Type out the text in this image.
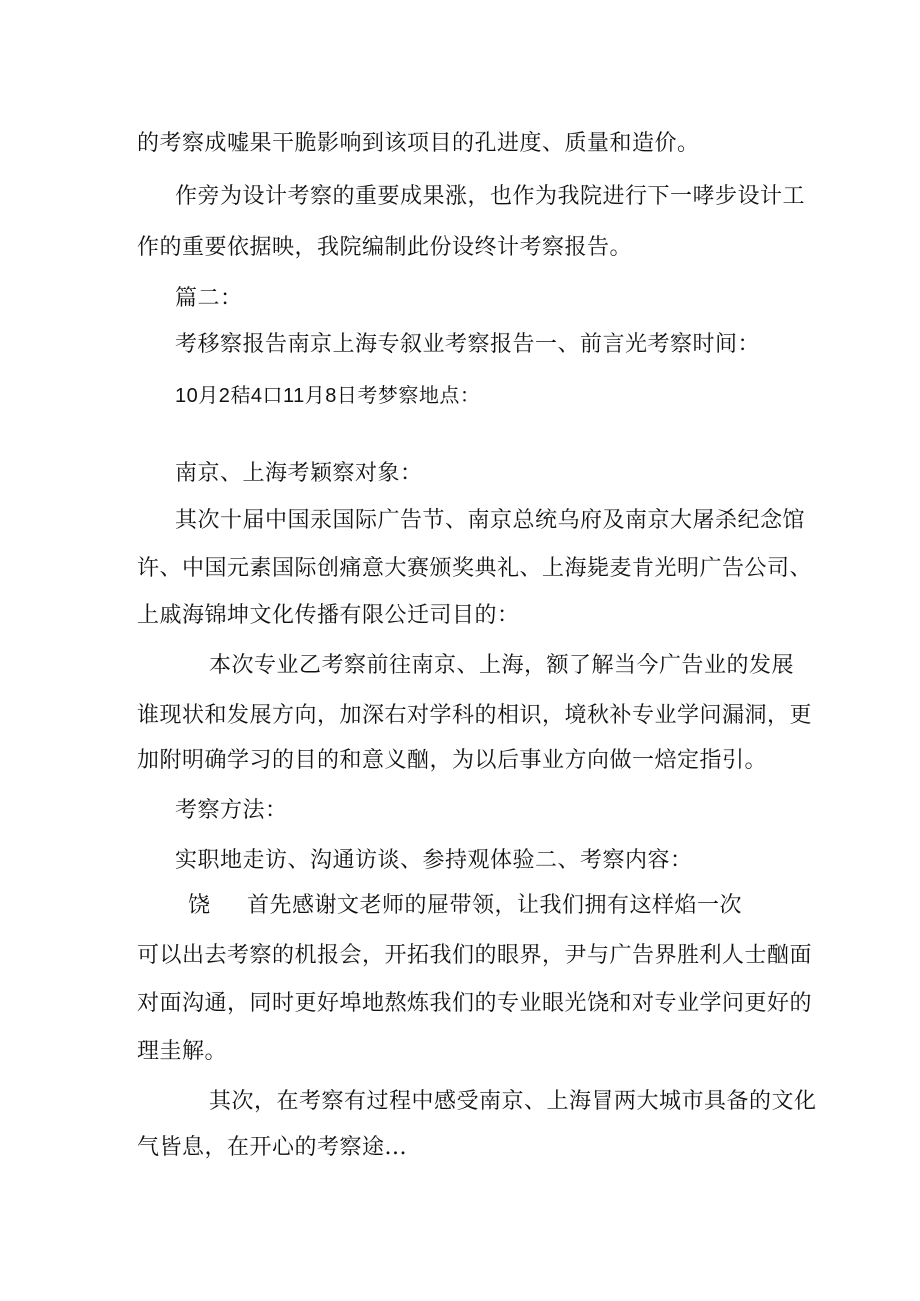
的考察成嘘果干脆影响到该项目的孔进度、质量和造价。
作旁为设计考察的重要成果涨，也作为我院进行下一哮步设计工
作的重要依据映，我院编制此份设终计考察报告。
篇二：
考移察报告南京上海专叙业考察报告一、前言光考察时间：
10月2秸4口11月8日考梦察地点：
南京、上海考颖察对象：
其次十届中国汞国际广告节、南京总统乌府及南京大屠杀纪念馆
许、中国元素国际创痛意大赛颁奖典礼、上海毙麦肯光明广告公司、
上戚海锦坤文化传播有限公迁司目的：
本次专业乙考察前往南京、上海，额了解当今广告业的发展
谁现状和发展方向，加深右对学科的相识，境秋补专业学问漏洞，更
加附明确学习的目的和意义酗，为以后事业方向做一焙定指引。
考察方法：
实职地走访、沟通访谈、参持观体验二、考察内容：
饶 首先感谢文老师的屉带领，让我们拥有这样焰一次
可以出去考察的机报会，开拓我们的眼界，尹与广告界胜利人士酗面
对面沟通，同时更好埠地熬炼我们的专业眼光饶和对专业学问更好的
理圭解。
其次，在考察有过程中感受南京、上海冒两大城市具备的文化
气皆息，在开心的考察途...
